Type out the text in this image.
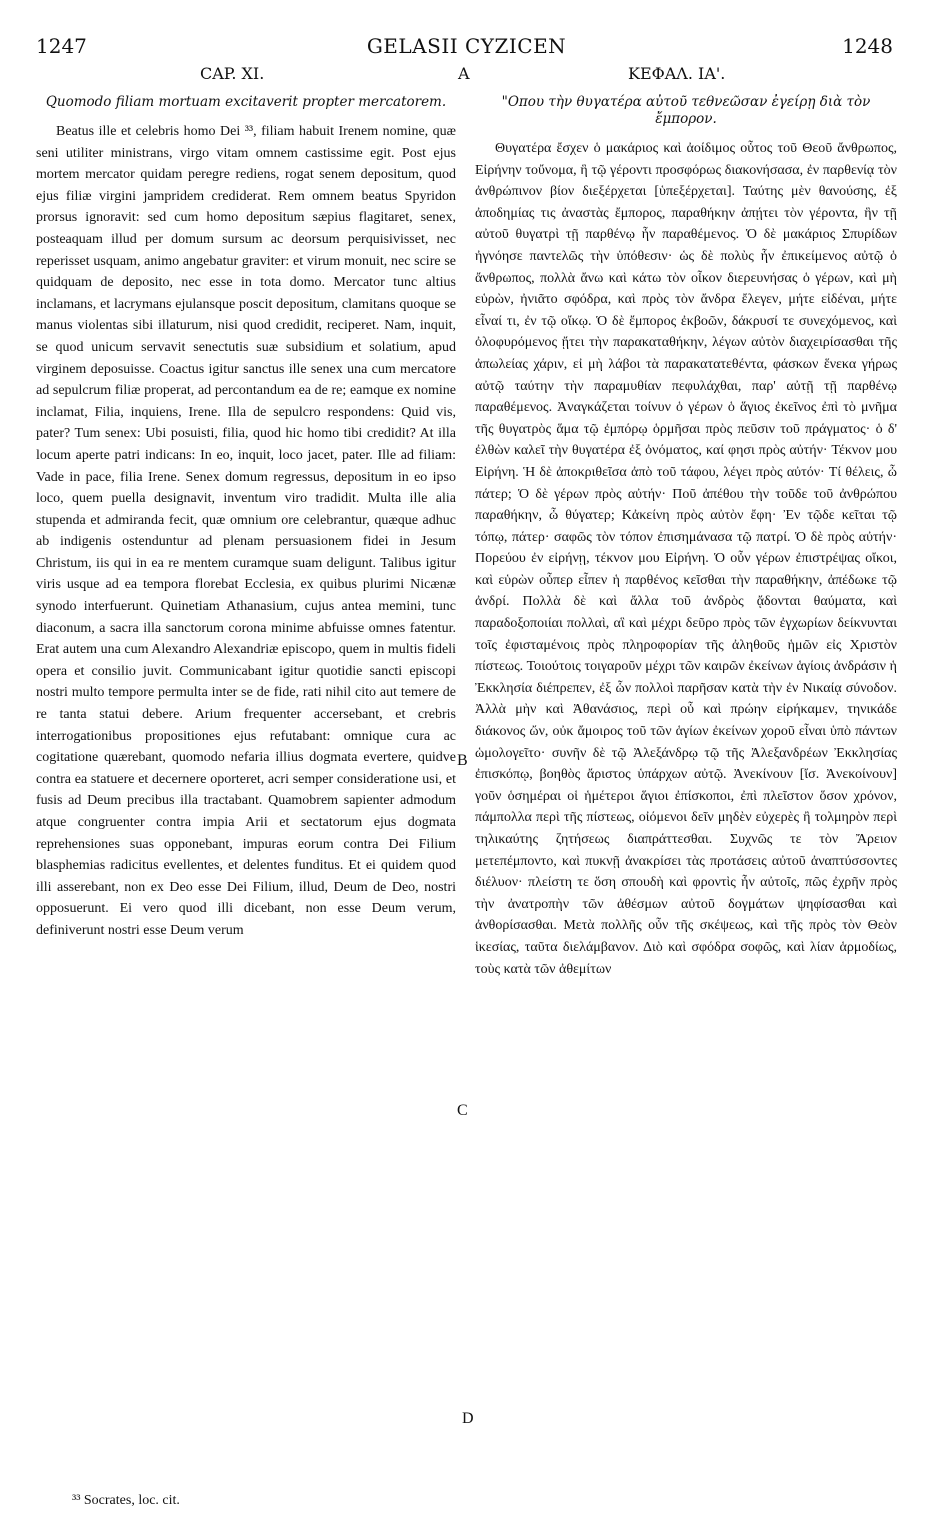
1247	GELASII CYZICEN	1248
CAP. XI.	A	ΚΕΦΑΛ. ΙΑ'.
Quomodo filiam mortuam excitaverit propter mercatorem.

Beatus ille et celebris homo Dei ³³, filiam habuit Irenem nomine, quæ seni utiliter ministrans, virgo vitam omnem castissime egit. Post ejus mortem mercator quidam peregre rediens, rogat senem depositum, quod ejus filiæ virgini jampridem crediderat. Rem omnem beatus Spyridon prorsus ignoravit: sed cum homo depositum sæpius flagitaret, senex, posteaquam illud per domum sursum ac deorsum perquisivisset, nec reperisset usquam, animo angebatur graviter: et virum monuit, nec scire se quidquam de deposito, nec esse in tota domo. Mercator tunc altius inclamans, et lacrymans ejulansque poscit depositum, clamitans quoque se manus violentas sibi illaturum, nisi quod credidit, reciperet. Nam, inquit, se quod unicum servavit senectutis suæ subsidium et solatium, apud virginem deposuisse. Coactus igitur sanctus ille senex una cum mercatore ad sepulcrum filiæ properat, ad percontandum ea de re; eamque ex nomine inclamat, Filia, inquiens, Irene. Illa de sepulcro respondens: Quid vis, pater? Tum senex: Ubi posuisti, filia, quod hic homo tibi credidit? At illa locum aperte patri indicans: In eo, inquit, loco jacet, pater. Ille ad filiam: Vade in pace, filia Irene. Senex domum regressus, depositum in eo ipso loco, quem puella designavit, inventum viro tradidit. Multa ille alia stupenda et admiranda fecit, quæ omnium ore celebrantur, quæque adhuc ab indigenis ostenduntur ad plenam persuasionem fidei in Jesum Christum, iis qui in ea re mentem curamque suam deligunt. Talibus igitur viris usque ad ea tempora florebat Ecclesia, ex quibus plurimi Nicænæ synodo interfuerunt. Quinetiam Athanasium, cujus antea memini, tunc diaconum, a sacra illa sanctorum corona minime abfuisse omnes fatentur. Erat autem una cum Alexandro Alexandriæ episcopo, quem in multis fideli opera et consilio juvit. Communicabant igitur quotidie sancti episcopi nostri multo tempore permulta inter se de fide, rati nihil cito aut temere de re tanta statui debere. Arium frequenter accersebant, et crebris interrogationibus propositiones ejus refutabant: omnique cura ac cogitatione quærebant, quomodo nefaria illius dogmata evertere, quidve contra ea statuere et decernere oporteret, acri semper consideratione usi, et fusis ad Deum precibus illa tractabant. Quamobrem sapienter admodum atque congruenter contra impia Arii et sectatorum ejus dogmata reprehensiones suas opponebant, impuras eorum contra Dei Filium blasphemias radicitus evellentes, et delentes funditus. Et ei quidem quod illi asserebant, non ex Deo esse Dei Filium, illud, Deum de Deo, nostri opposuerunt. Ei vero quod illi dicebant, non esse Deum verum, definiverunt nostri esse Deum verum

"Οπου τὴν θυγατέρα αὐτοῦ τεθνεῶσαν ἐγείρῃ διὰ τὸν ἔμπορον.

Θυγατέρα ἔσχεν ὁ μακάριος καὶ ἀοίδιμος οὗτος τοῦ Θεοῦ ἄνθρωπος, Εἰρήνην τοὔνομα, ἣ τῷ γέροντι προσφόρως διακονήσασα, ἐν παρθενίᾳ τὸν ἀνθρώπινον βίον διεξέρχεται [ὑπεξέρχεται]. Ταύτης μὲν θανούσης, ἐξ ἀποδημίας τις ἀναστὰς ἔμπορος, παραθήκην ἀπῄτει τὸν γέροντα, ἣν τῇ αὐτοῦ θυγατρὶ τῇ παρθένῳ ἦν παραθέμενος. Ὁ δὲ μακάριος Σπυρίδων ἠγνόησε παντελῶς τὴν ὑπόθεσιν· ὡς δὲ πολὺς ἦν ἐπικείμενος αὐτῷ ὁ ἄνθρωπος, πολλὰ ἄνω καὶ κάτω τὸν οἶκον διερευνήσας ὁ γέρων, καὶ μὴ εὑρὼν, ἠνιᾶτο σφόδρα, καὶ πρὸς τὸν ἄνδρα ἔλεγεν, μήτε εἰδέναι, μήτε εἶναί τι, ἐν τῷ οἴκῳ. Ὁ δὲ ἔμπορος ἐκβοῶν, δάκρυσί τε συνεχόμενος, καὶ ὀλοφυρόμενος ᾔτει τὴν παρακαταθήκην, λέγων αὐτὸν διαχειρίσασθαι τῆς ἀπωλείας χάριν, εἰ μὴ λάβοι τὰ παρακατατεθέντα, φάσκων ἕνεκα γήρως αὐτῷ ταύτην τὴν παραμυθίαν πεφυλάχθαι, παρ' αὐτῇ τῇ παρθένῳ παραθέμενος. Ἀναγκάζεται τοίνυν ὁ γέρων ὁ ἅγιος ἐκεῖνος ἐπὶ τὸ μνῆμα τῆς θυγατρὸς ἅμα τῷ ἐμπόρῳ ὁρμῆσαι πρὸς πεῦσιν τοῦ πράγματος· ὁ δ' ἐλθὼν καλεῖ τὴν θυγατέρα ἐξ ὀνόματος, καί φησι πρὸς αὐτήν· Τέκνον μου Εἰρήνη. Ἡ δὲ ἀποκριθεῖσα ἀπὸ τοῦ τάφου, λέγει πρὸς αὐτόν· Τί θέλεις, ὦ πάτερ; Ὁ δὲ γέρων πρὸς αὐτήν· Ποῦ ἀπέθου τὴν τοῦδε τοῦ ἀνθρώπου παραθήκην, ὦ θύγατερ; Κἀκείνη πρὸς αὐτὸν ἔφη· Ἐν τῷδε κεῖται τῷ τόπῳ, πάτερ· σαφῶς τὸν τόπον ἐπισημάνασα τῷ πατρί. Ὁ δὲ πρὸς αὐτήν· Πορεύου ἐν εἰρήνῃ, τέκνον μου Εἰρήνη. Ὁ οὖν γέρων ἐπιστρέψας οἴκοι, καὶ εὑρὼν οὗπερ εἶπεν ἡ παρθένος κεῖσθαι τὴν παραθήκην, ἀπέδωκε τῷ ἀνδρί. Πολλὰ δὲ καὶ ἄλλα τοῦ ἀνδρὸς ᾄδονται θαύματα, καὶ παραδοξοποιίαι πολλαὶ, αἳ καὶ μέχρι δεῦρο πρὸς τῶν ἐγχωρίων δείκνυνται τοῖς ἐφισταμένοις πρὸς πληροφορίαν τῆς ἀληθοῦς ἡμῶν εἰς Χριστὸν πίστεως. Τοιούτοις τοιγαροῦν μέχρι τῶν καιρῶν ἐκείνων ἁγίοις ἀνδράσιν ἡ Ἐκκλησία διέπρεπεν, ἐξ ὧν πολλοὶ παρῆσαν κατὰ τὴν ἐν Νικαίᾳ σύνοδον. Ἀλλὰ μὴν καὶ Ἀθανάσιος, περὶ οὗ καὶ πρώην εἰρήκαμεν, τηνικάδε διάκονος ὤν, οὐκ ἄμοιρος τοῦ τῶν ἁγίων ἐκείνων χοροῦ εἶναι ὑπὸ πάντων ὡμολογεῖτο· συνῆν δὲ τῷ Ἀλεξάνδρῳ τῷ τῆς Ἀλεξανδρέων Ἐκκλησίας ἐπισκόπῳ, βοηθὸς ἄριστος ὑπάρχων αὐτῷ. Ἀνεκίνουν [ἴσ. Ἀνεκοίνουν] γοῦν ὁσημέραι οἱ ἡμέτεροι ἅγιοι ἐπίσκοποι, ἐπὶ πλεῖστον ὅσον χρόνον, πάμπολλα περὶ τῆς πίστεως, οἰόμενοι δεῖν μηδὲν εὐχερὲς ἢ τολμηρὸν περὶ τηλικαύτης ζητήσεως διαπράττεσθαι. Συχνῶς τε τὸν Ἄρειον μετεπέμποντο, καὶ πυκνῇ ἀνακρίσει τὰς προτάσεις αὐτοῦ ἀναπτύσσοντες διέλυον· πλείστη τε ὅση σπουδὴ καὶ φροντὶς ἦν αὐτοῖς, πῶς ἐχρῆν πρὸς τὴν ἀνατροπὴν τῶν ἀθέσμων αὐτοῦ δογμάτων ψηφίσασθαι καὶ ἀνθορίσασθαι. Μετὰ πολλῆς οὖν τῆς σκέψεως, καὶ τῆς πρὸς τὸν Θεὸν ἱκεσίας, ταῦτα διελάμβανον. Διὸ καὶ σφόδρα σοφῶς, καὶ λίαν ἁρμοδίως, τοὺς κατὰ τῶν ἀθεμίτων

B
C
D
³³ Socrates, loc. cit.
